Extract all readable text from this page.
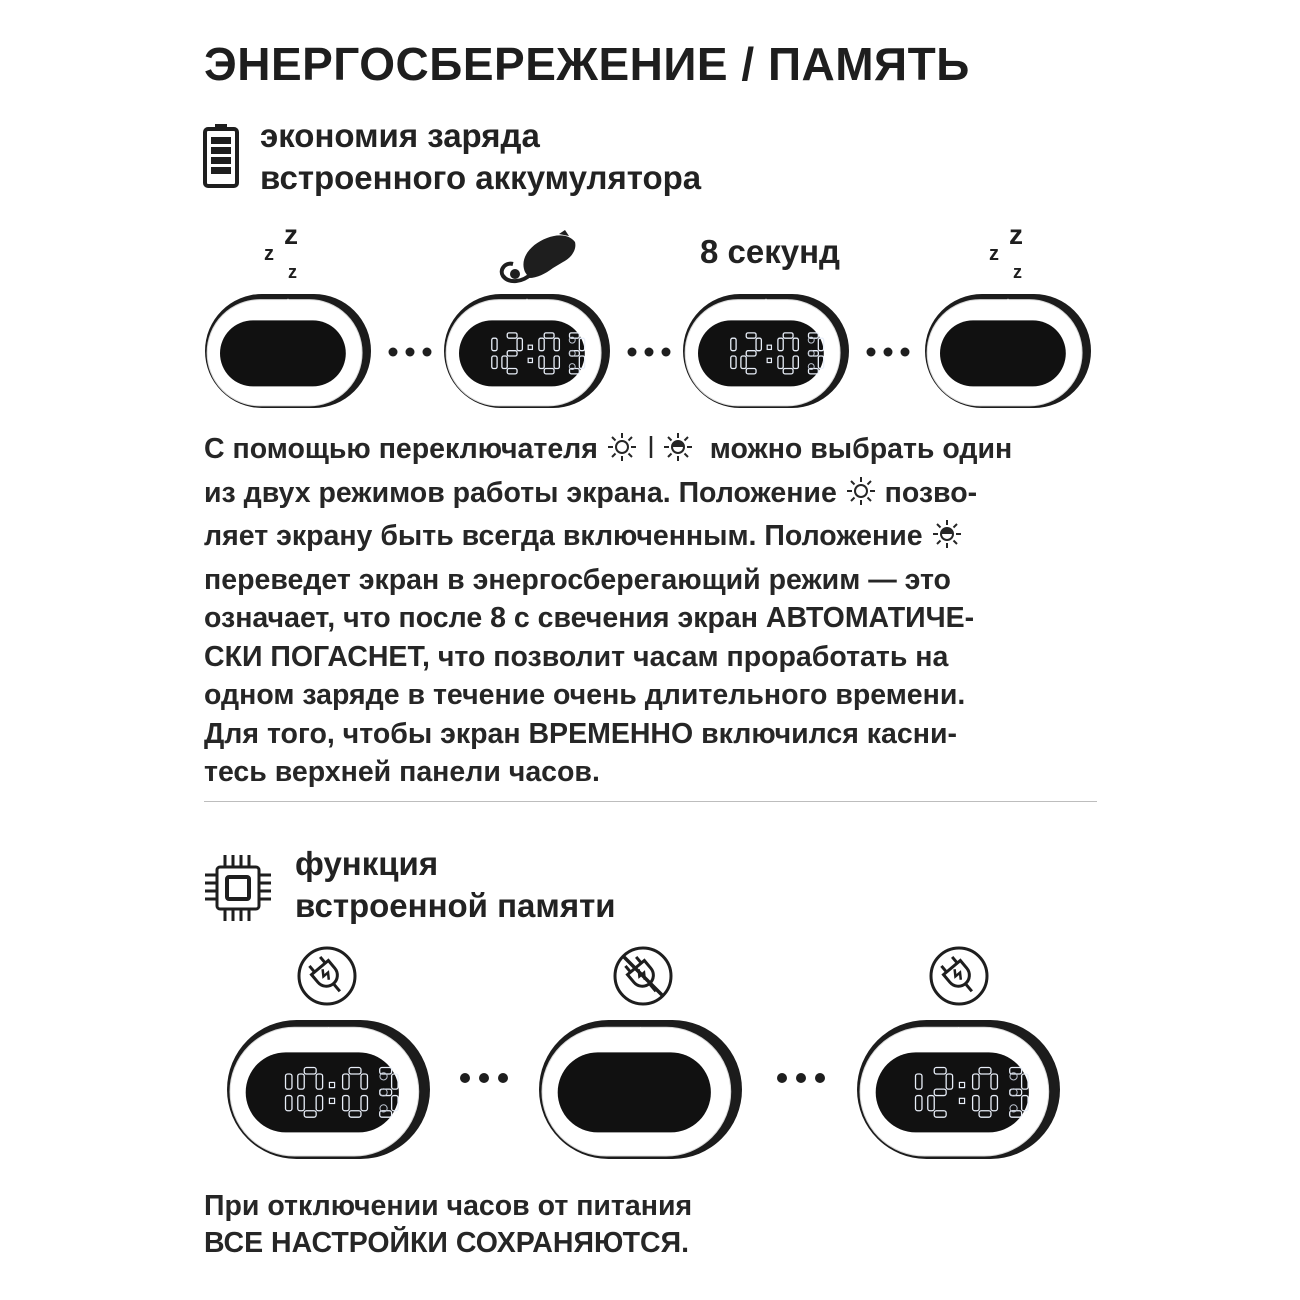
ЭНЕРГОСБЕРЕЖЕНИЕ / ПАМЯТЬ
экономия заряда
встроенного аккумулятора
z
z
z
8 секунд	z
z
z
С помощью переключателя	можно выбрать один
из двух режимов работы экрана. Положение позво-
ляет экрану быть всегда включенным. Положение
переведет экран в энергосберегающий режим — это
означает, что после 8 с свечения экран АВТОМАТИЧЕ-
СКИ ПОГАСНЕТ, что позволит часам проработать на
одном заряде в течение очень длительного времени.
Для того, чтобы экран ВРЕМЕННО включился касни-
тесь верхней панели часов.
функция
встроенной памяти
При отключении часов от питания
ВСЕ НАСТРОЙКИ СОХРАНЯЮТСЯ.
